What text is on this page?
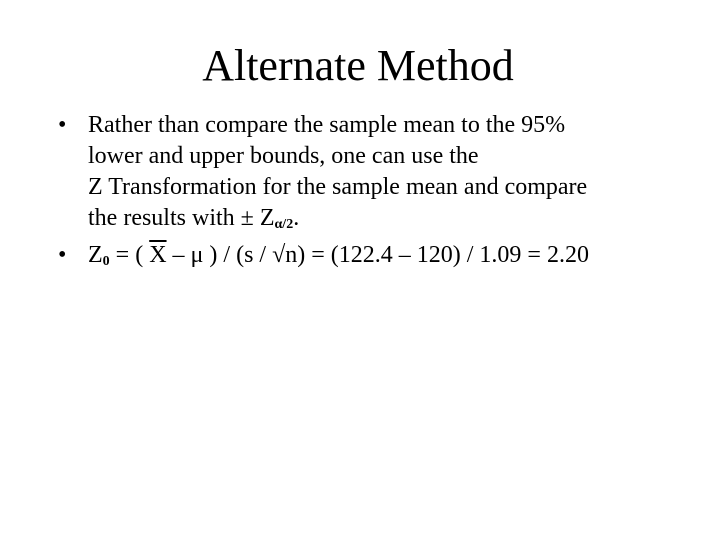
Alternate Method
• Rather than compare the sample mean to the 95%
lower and upper bounds, one can use the
Z Transformation for the sample mean and compare
the results with ± $Z_{\alpha/2}$.
• $Z_0$ = ( $\overline{X}$ – μ ) / (s / √n) = (122.4 – 120) / 1.09 = 2.20
